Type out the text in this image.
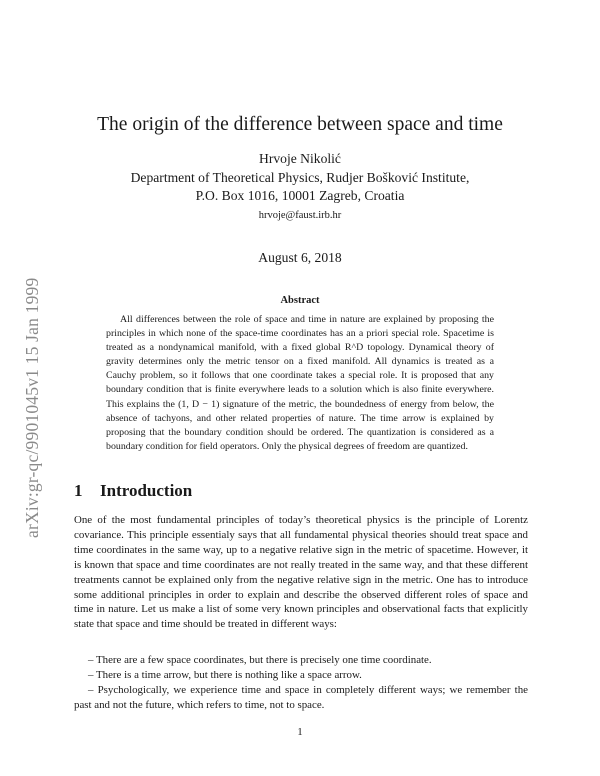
arXiv:gr-qc/9901045v1 15 Jan 1999
The origin of the difference between space and time
Hrvoje Nikolić
Department of Theoretical Physics, Rudjer Bošković Institute,
P.O. Box 1016, 10001 Zagreb, Croatia
hrvoje@faust.irb.hr
August 6, 2018
Abstract
All differences between the role of space and time in nature are explained by proposing the principles in which none of the space-time coordinates has an a priori special role. Spacetime is treated as a nondynamical manifold, with a fixed global R^D topology. Dynamical theory of gravity determines only the metric tensor on a fixed manifold. All dynamics is treated as a Cauchy problem, so it follows that one coordinate takes a special role. It is proposed that any boundary condition that is finite everywhere leads to a solution which is also finite everywhere. This explains the (1, D − 1) signature of the metric, the boundedness of energy from below, the absence of tachyons, and other related properties of nature. The time arrow is explained by proposing that the boundary condition should be ordered. The quantization is considered as a boundary condition for field operators. Only the physical degrees of freedom are quantized.
1 Introduction
One of the most fundamental principles of today’s theoretical physics is the principle of Lorentz covariance. This principle essentialy says that all fundamental physical theories should treat space and time coordinates in the same way, up to a negative relative sign in the metric of spacetime. However, it is known that space and time coordinates are not really treated in the same way, and that these different treatments cannot be explained only from the negative relative sign in the metric. One has to introduce some additional principles in order to explain and describe the observed different roles of space and time in nature. Let us make a list of some very known principles and observational facts that explicitly state that space and time should be treated in different ways:
– There are a few space coordinates, but there is precisely one time coordinate.
– There is a time arrow, but there is nothing like a space arrow.
– Psychologically, we experience time and space in completely different ways; we remember the past and not the future, which refers to time, not to space.
1
